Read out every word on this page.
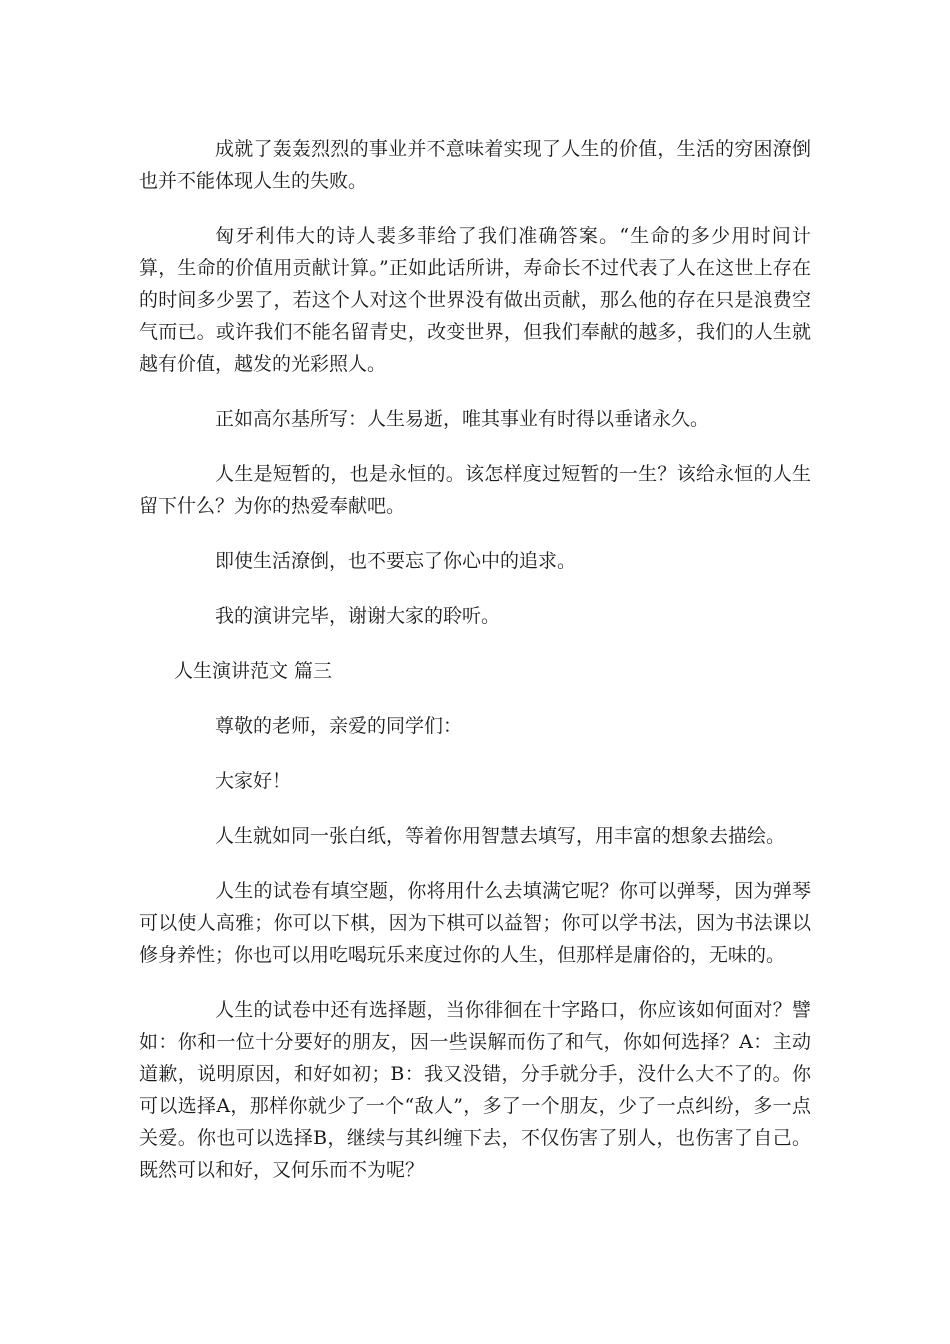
成就了轰轰烈烈的事业并不意味着实现了人生的价值，生活的穷困潦倒也并不能体现人生的失败。

匈牙利伟大的诗人裴多菲给了我们准确答案。“生命的多少用时间计算，生命的价值用贡献计算。”正如此话所讲，寿命长不过代表了人在这世上存在的时间多少罢了，若这个人对这个世界没有做出贡献，那么他的存在只是浪费空气而已。或许我们不能名留青史，改变世界，但我们奉献的越多，我们的人生就越有价值，越发的光彩照人。

正如高尔基所写：人生易逝，唯其事业有时得以垂诸永久。

人生是短暂的，也是永恒的。该怎样度过短暂的一生？该给永恒的人生留下什么？为你的热爱奉献吧。

即使生活潦倒，也不要忘了你心中的追求。

我的演讲完毕，谢谢大家的聆听。

人生演讲范文 篇三

尊敬的老师，亲爱的同学们：

大家好！

人生就如同一张白纸，等着你用智慧去填写，用丰富的想象去描绘。

人生的试卷有填空题，你将用什么去填满它呢？你可以弹琴，因为弹琴可以使人高雅；你可以下棋，因为下棋可以益智；你可以学书法，因为书法课以修身养性；你也可以用吃喝玩乐来度过你的人生，但那样是庸俗的，无味的。

人生的试卷中还有选择题，当你徘徊在十字路口，你应该如何面对？譬如：你和一位十分要好的朋友，因一些误解而伤了和气，你如何选择？A：主动道歉，说明原因，和好如初；B：我又没错，分手就分手，没什么大不了的。你可以选择A，那样你就少了一个“敌人”，多了一个朋友，少了一点纠纷，多一点关爱。你也可以选择B，继续与其纠缠下去，不仅伤害了别人，也伤害了自己。既然可以和好，又何乐而不为呢？
